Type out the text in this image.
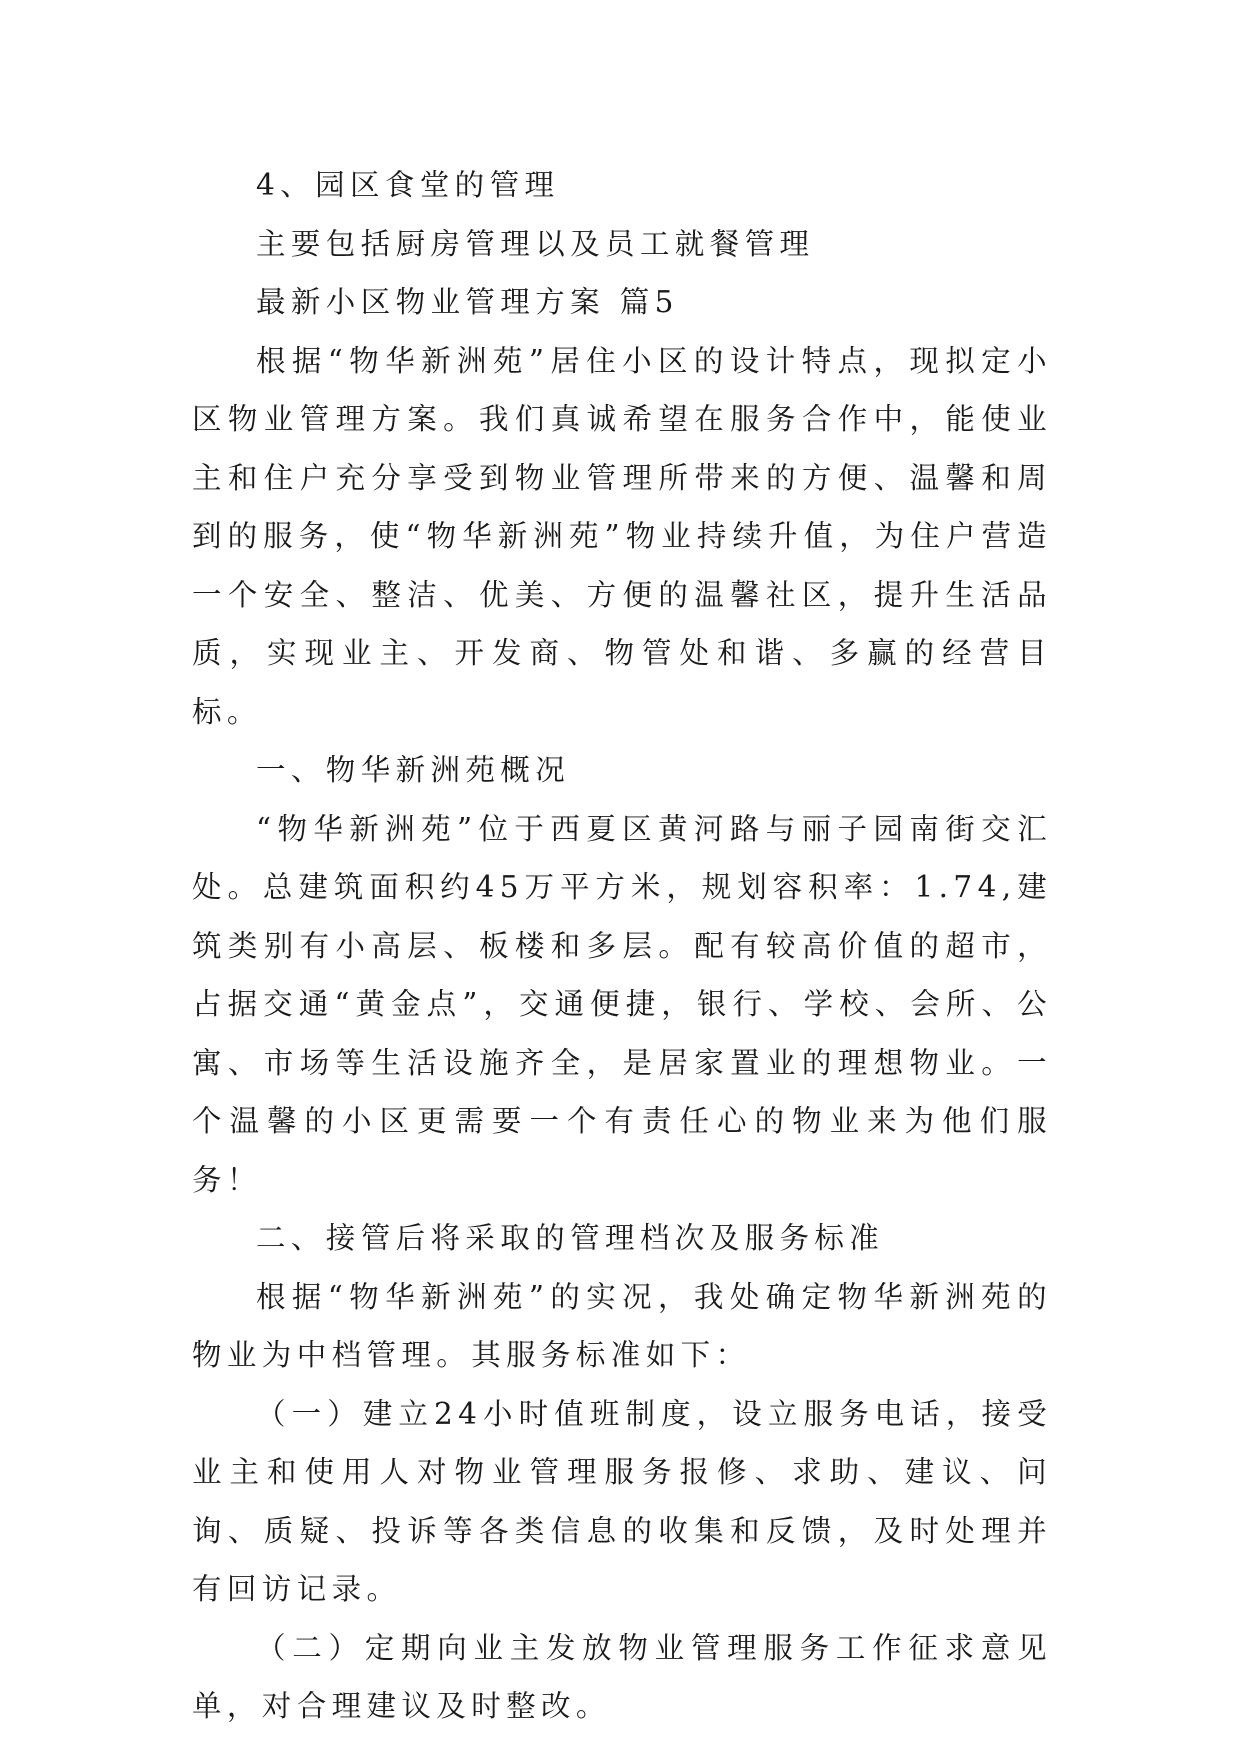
4、园区食堂的管理

主要包括厨房管理以及员工就餐管理

最新小区物业管理方案 篇5

根据“物华新洲苑”居住小区的设计特点，现拟定小区物业管理方案。我们真诚希望在服务合作中，能使业主和住户充分享受到物业管理所带来的方便、温馨和周到的服务，使“物华新洲苑”物业持续升值，为住户营造一个安全、整洁、优美、方便的温馨社区，提升生活品质，实现业主、开发商、物管处和谐、多赢的经营目标。

一、物华新洲苑概况

“物华新洲苑”位于西夏区黄河路与丽子园南街交汇处。总建筑面积约45万平方米，规划容积率：1.74,建筑类别有小高层、板楼和多层。配有较高价值的超市，占据交通“黄金点”，交通便捷，银行、学校、会所、公寓、市场等生活设施齐全，是居家置业的理想物业。一个温馨的小区更需要一个有责任心的物业来为他们服务！

二、接管后将采取的管理档次及服务标准

根据“物华新洲苑”的实况，我处确定物华新洲苑的物业为中档管理。其服务标准如下：

（一）建立24小时值班制度，设立服务电话，接受业主和使用人对物业管理服务报修、求助、建议、问询、质疑、投诉等各类信息的收集和反馈，及时处理并有回访记录。

（二）定期向业主发放物业管理服务工作征求意见单，对合理建议及时整改。
